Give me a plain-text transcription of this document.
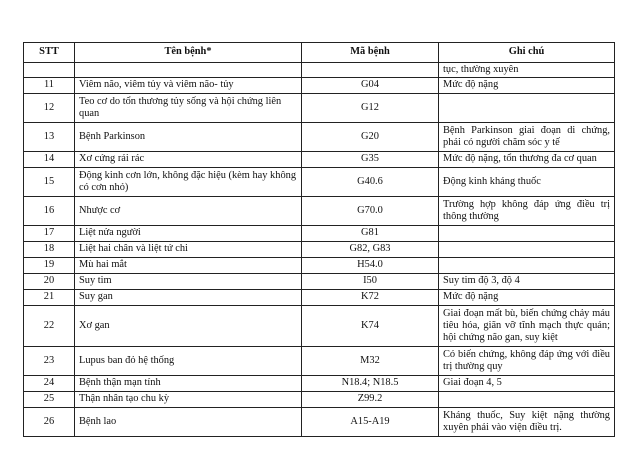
STT	Tên bệnh*	Mã bệnh	Ghi chú
			tục, thường xuyên
11	Viêm não, viêm tủy và viêm não- tủy	G04	Mức độ nặng
12	Teo cơ do tổn thương tủy sống và hội chứng liên quan	G12	
13	Bệnh Parkinson	G20	Bệnh Parkinson giai đoạn di chứng, phải có người chăm sóc y tế
14	Xơ cứng rải rác	G35	Mức độ nặng, tổn thương đa cơ quan
15	Động kinh cơn lớn, không đặc hiệu (kèm hay không có cơn nhỏ)	G40.6	Động kinh kháng thuốc
16	Nhược cơ	G70.0	Trường hợp không đáp ứng điều trị thông thường
17	Liệt nửa người	G81	
18	Liệt hai chân và liệt tứ chi	G82, G83	
19	Mù hai mắt	H54.0	
20	Suy tim	I50	Suy tim độ 3, độ 4
21	Suy gan	K72	Mức độ nặng
22	Xơ gan	K74	Giai đoạn mất bù, biến chứng chảy máu tiêu hóa, giãn vỡ tĩnh mạch thực quản; hội chứng não gan, suy kiệt
23	Lupus ban đỏ hệ thống	M32	Có biến chứng, không đáp ứng với điều trị thường quy
24	Bệnh thận mạn tính	N18.4; N18.5	Giai đoạn 4, 5
25	Thận nhân tạo chu kỳ	Z99.2	
26	Bệnh lao	A15-A19	Kháng thuốc, Suy kiệt nặng thường xuyên phải vào viện điều trị.
